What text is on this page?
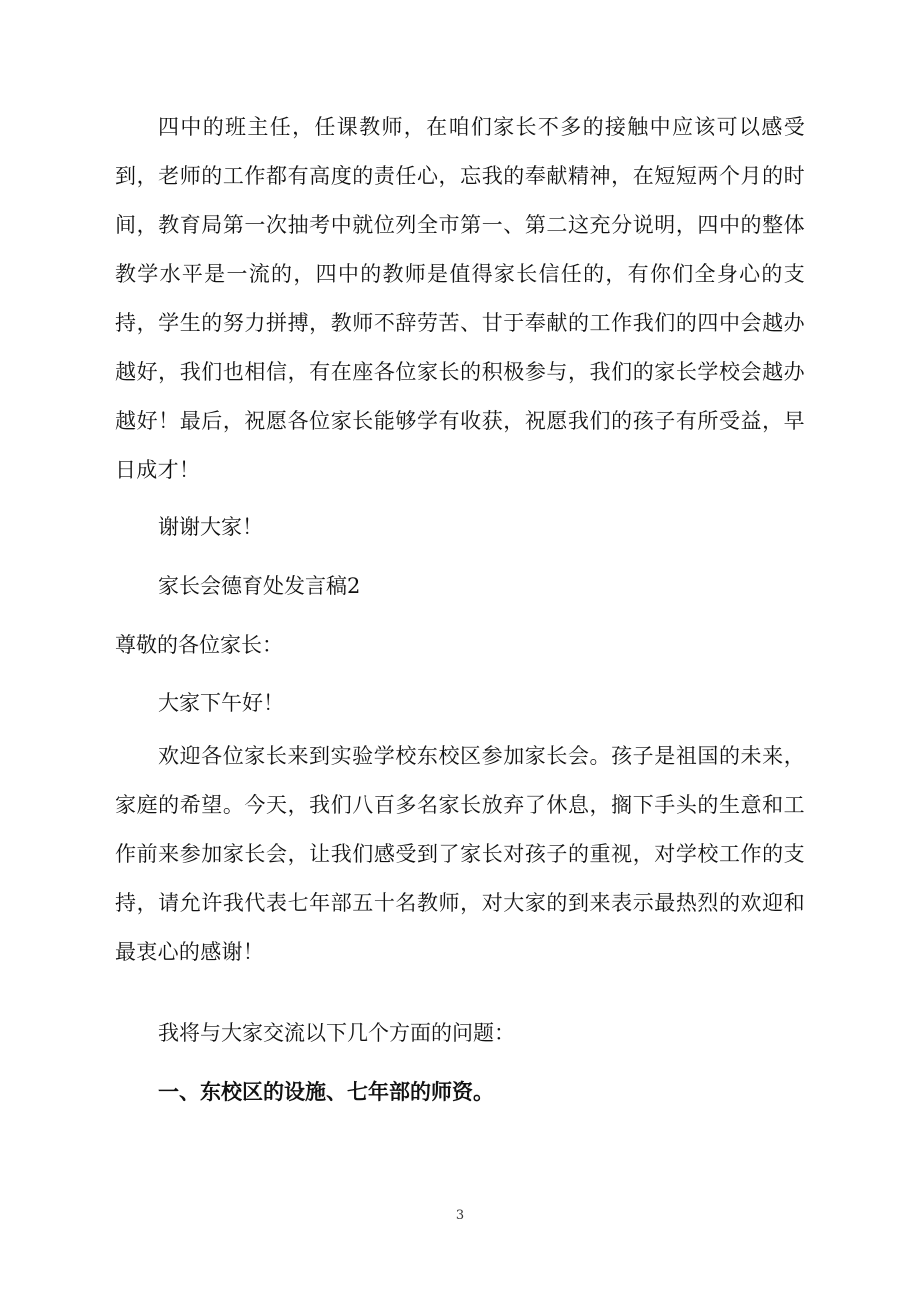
四中的班主任，任课教师，在咱们家长不多的接触中应该可以感受到，老师的工作都有高度的责任心，忘我的奉献精神，在短短两个月的时间，教育局第一次抽考中就位列全市第一、第二这充分说明，四中的整体教学水平是一流的，四中的教师是值得家长信任的，有你们全身心的支持，学生的努力拼搏，教师不辞劳苦、甘于奉献的工作我们的四中会越办越好，我们也相信，有在座各位家长的积极参与，我们的家长学校会越办越好！最后，祝愿各位家长能够学有收获，祝愿我们的孩子有所受益，早日成才！

谢谢大家！

家长会德育处发言稿2

尊敬的各位家长：

大家下午好！

欢迎各位家长来到实验学校东校区参加家长会。孩子是祖国的未来，家庭的希望。今天，我们八百多名家长放弃了休息，搁下手头的生意和工作前来参加家长会，让我们感受到了家长对孩子的重视，对学校工作的支持，请允许我代表七年部五十名教师，对大家的到来表示最热烈的欢迎和最衷心的感谢！

我将与大家交流以下几个方面的问题：

一、东校区的设施、七年部的师资。

3
